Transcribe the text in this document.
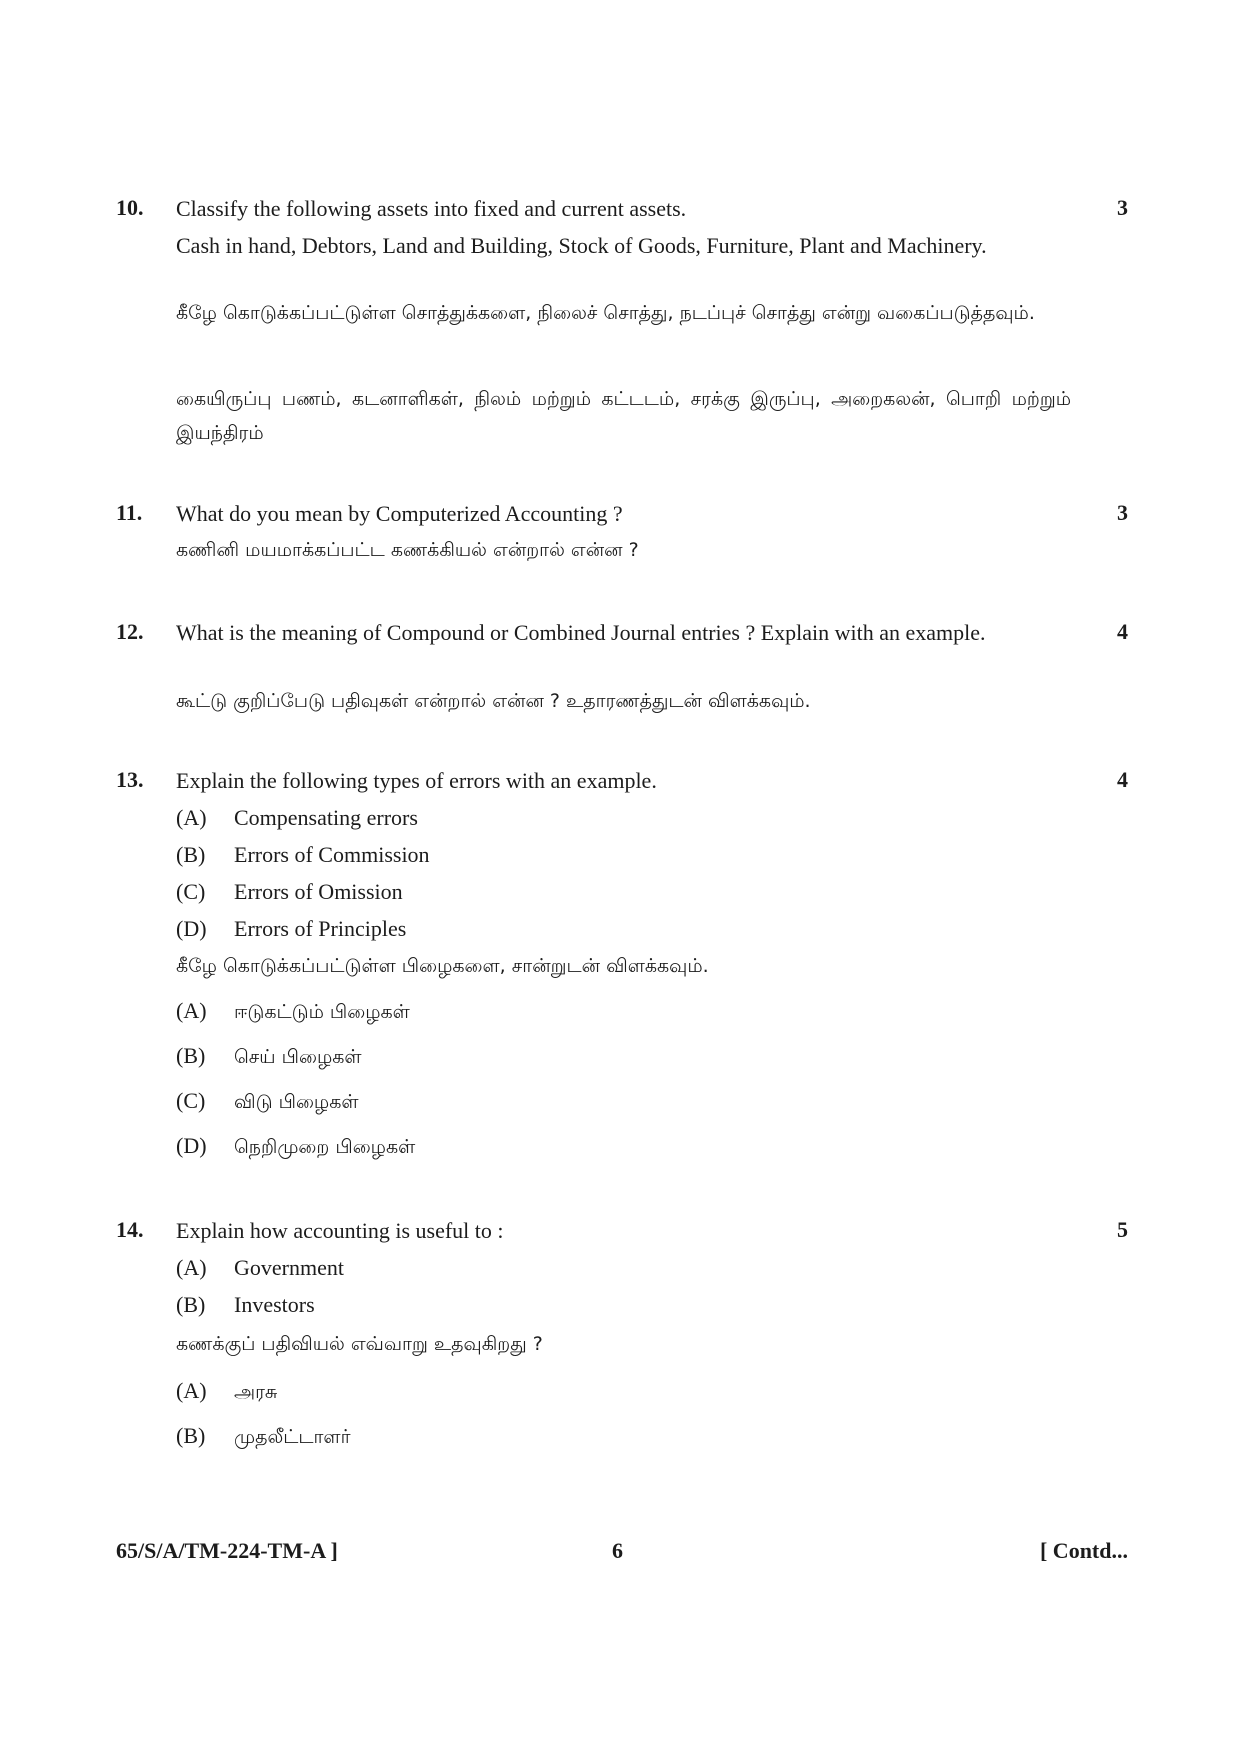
10.	3
Classify the following assets into fixed and current assets.
Cash in hand, Debtors, Land and Building, Stock of Goods, Furniture, Plant and Machinery.
கீழே கொடுக்கப்பட்டுள்ள சொத்துக்களை, நிலைச் சொத்து, நடப்புச் சொத்து என்று வகைப்படுத்தவும்.
கையிருப்பு பணம், கடனாளிகள், நிலம் மற்றும் கட்டடம், சரக்கு இருப்பு, அறைகலன், பொறி மற்றும் இயந்திரம்
11.	3
What do you mean by Computerized Accounting ?
கணினி மயமாக்கப்பட்ட கணக்கியல் என்றால் என்ன ?
12.	4
What is the meaning of Compound or Combined Journal entries ? Explain with an example.
கூட்டு குறிப்பேடு பதிவுகள் என்றால் என்ன ? உதாரணத்துடன் விளக்கவும்.
13.	4
Explain the following types of errors with an example.
(A) Compensating errors
(B) Errors of Commission
(C) Errors of Omission
(D) Errors of Principles
கீழே கொடுக்கப்பட்டுள்ள பிழைகளை, சான்றுடன் விளக்கவும்.
(A) ஈடுகட்டும் பிழைகள்
(B) செய் பிழைகள்
(C) விடு பிழைகள்
(D) நெறிமுறை பிழைகள்
14.	5
Explain how accounting is useful to :
(A) Government
(B) Investors
கணக்குப் பதிவியல் எவ்வாறு உதவுகிறது ?
(A) அரசு
(B) முதலீட்டாளர்
65/S/A/TM-224-TM-A ]	6	[ Contd...
